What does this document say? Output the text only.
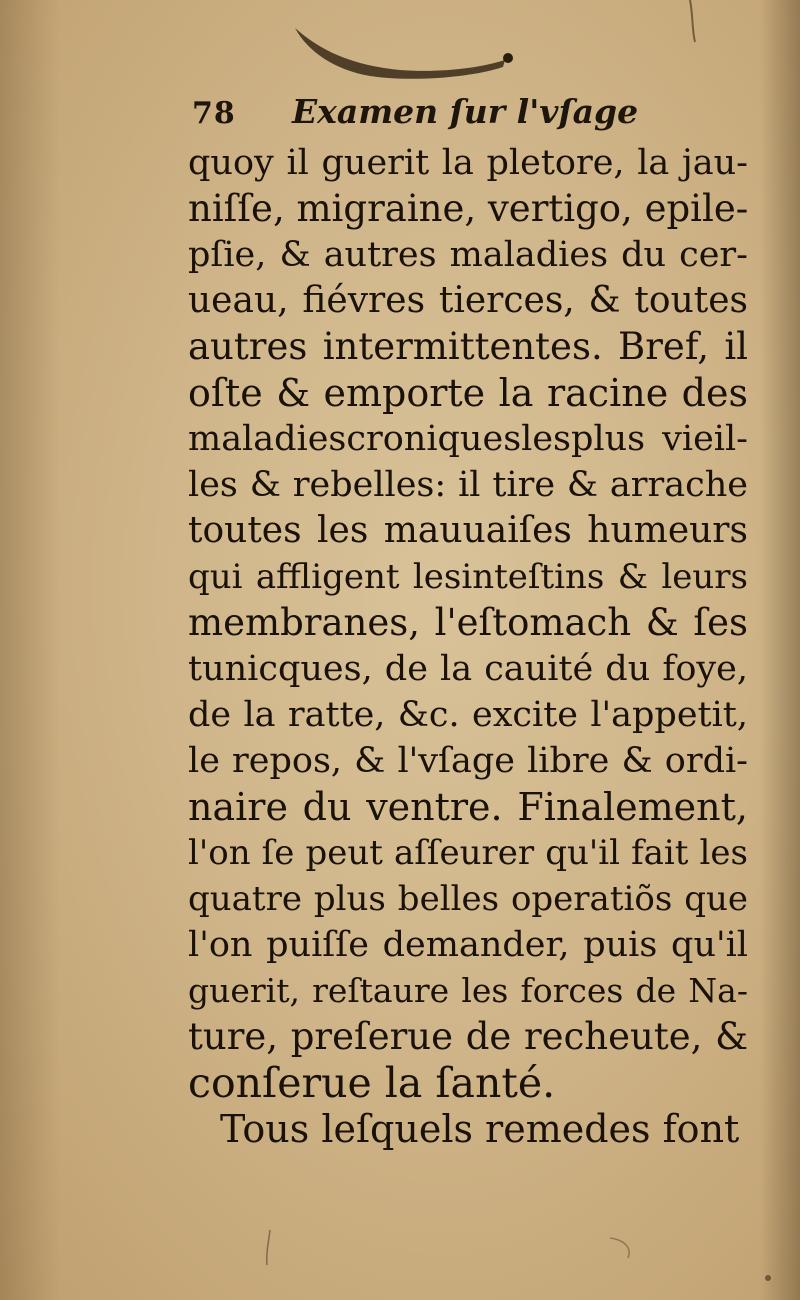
78 Examen ſur l'vſage
quoy il guerit la pletore, la jau-
niſſe, migraine, vertigo, epile-
pſie, & autres maladies du cer-
ueau, fiévres tierces, & toutes
autres intermittentes. Bref, il
oſte & emporte la racine des
maladiescroniqueslesplus vieil-
les & rebelles: il tire & arrache
toutes les mauuaiſes humeurs
qui affligent lesinteſtins & leurs
membranes, l'eſtomach & ſes
tunicques, de la cauité du foye,
de la ratte, &c. excite l'appetit,
le repos, & l'vſage libre & ordi-
naire du ventre. Finalement,
l'on ſe peut aſſeurer qu'il fait les
quatre plus belles operatiõs que
l'on puiſſe demander, puis qu'il
guerit, reſtaure les forces de Na-
ture, preſerue de recheute, &
conſerue la ſanté.
Tous leſquels remedes font
